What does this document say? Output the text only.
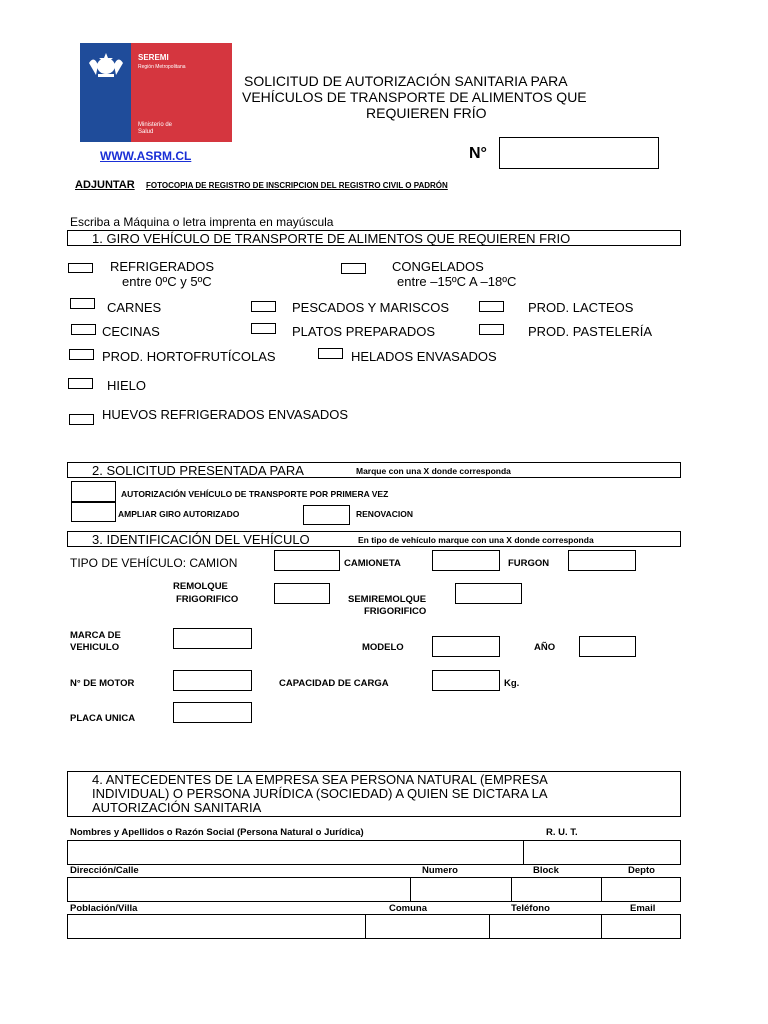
SEREMI
Región Metropolitana
Ministerio de
Salud
SOLICITUD DE AUTORIZACIÓN SANITARIA PARA
VEHÍCULOS DE TRANSPORTE DE ALIMENTOS QUE
REQUIEREN FRÍO
WWW.ASRM.CL	N°
ADJUNTAR FOTOCOPIA DE REGISTRO DE INSCRIPCION DEL REGISTRO CIVIL O PADRÓN
Escriba a Máquina o letra imprenta en mayúscula
1. GIRO VEHÍCULO DE TRANSPORTE DE ALIMENTOS QUE REQUIEREN FRIO
REFRIGERADOS
entre 0ºC y 5ºC
CONGELADOS
entre –15ºC A –18ºC
CARNES	PESCADOS Y MARISCOS	PROD. LACTEOS
CECINAS	PLATOS PREPARADOS	PROD. PASTELERÍA
PROD. HORTOFRUTÍCOLAS	HELADOS ENVASADOS
HIELO
HUEVOS REFRIGERADOS ENVASADOS
2. SOLICITUD PRESENTADA PARA	Marque con una X donde corresponda
AUTORIZACIÓN VEHÍCULO DE TRANSPORTE POR PRIMERA VEZ
AMPLIAR GIRO AUTORIZADO	RENOVACION
3. IDENTIFICACIÓN DEL VEHÍCULO	En tipo de vehículo marque con una X donde corresponda
TIPO DE VEHÍCULO: CAMION	CAMIONETA	FURGON
REMOLQUE
FRIGORIFICO	SEMIREMOLQUE
FRIGORIFICO
MARCA DE
VEHICULO	MODELO	AÑO
N° DE MOTOR	CAPACIDAD DE CARGA	Kg.
PLACA UNICA
4. ANTECEDENTES DE LA EMPRESA SEA PERSONA NATURAL (EMPRESA
INDIVIDUAL) O PERSONA JURÍDICA (SOCIEDAD) A QUIEN SE DICTARA LA
AUTORIZACIÓN SANITARIA
Nombres y Apellidos o Razón Social (Persona Natural o Jurídica)	R. U. T.
Dirección/Calle	Numero	Block	Depto
Población/Villa	Comuna	Teléfono	Email
